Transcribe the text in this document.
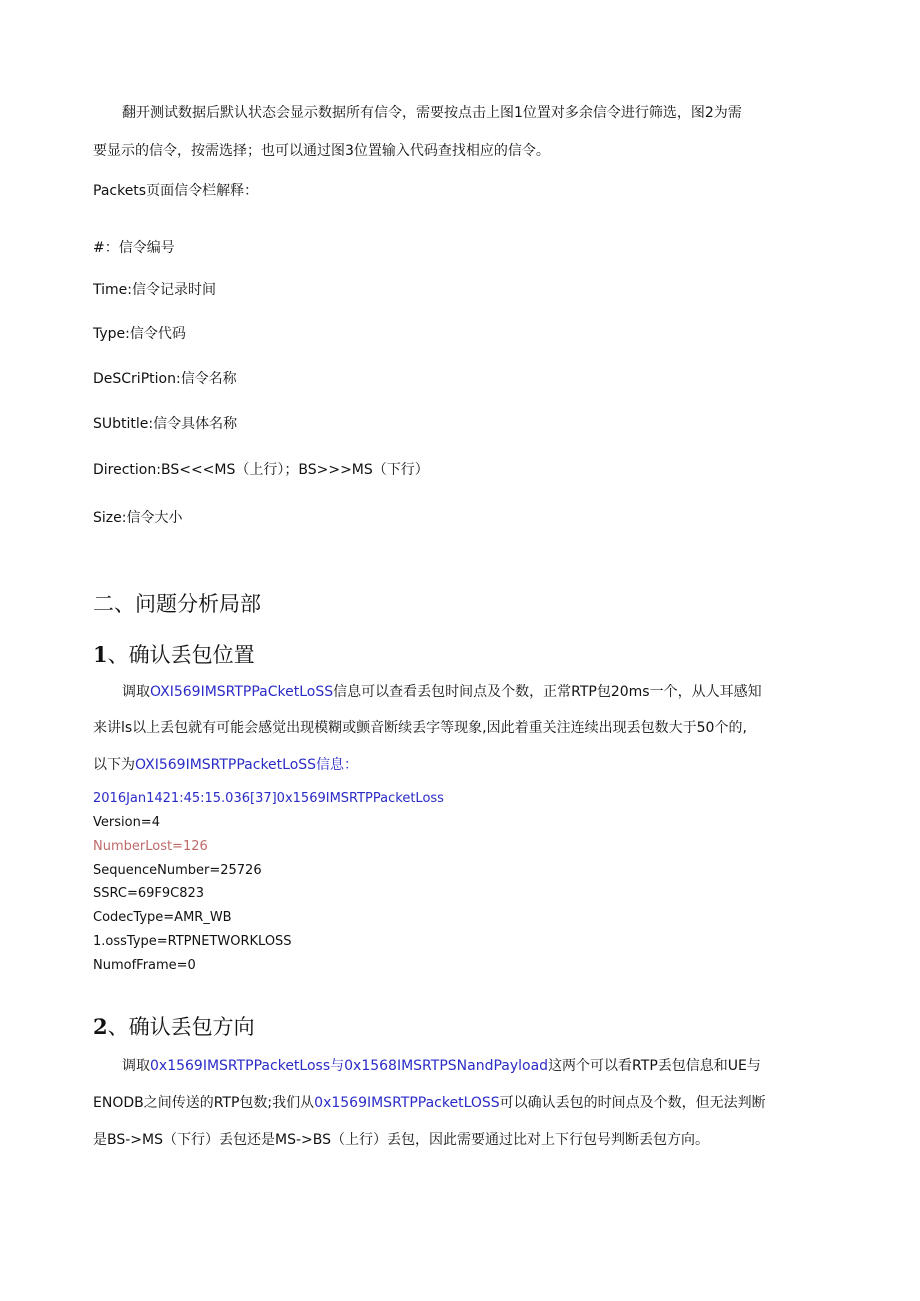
翻开测试数据后默认状态会显示数据所有信令，需要按点击上图1位置对多余信令进行筛选，图2为需
要显示的信令，按需选择；也可以通过图3位置输入代码查找相应的信令。
Packets页面信令栏解释：
#：信令编号
Time:信令记录时间
Type:信令代码
DeSCriPtion:信令名称
SUbtitle:信令具体名称
Direction:BS<<<MS（上行）；BS>>>MS（下行）
Size:信令大小
二、问题分析局部
1、确认丢包位置
调取OXI569IMSRTPPaCketLoSS信息可以查看丢包时间点及个数，正常RTP包20ms一个，从人耳感知
来讲ls以上丢包就有可能会感觉出现模糊或颤音断续丢字等现象,因此着重关注连续出现丢包数大于50个的,
以下为OXI569IMSRTPPacketLoSS信息：
2016Jan1421:45:15.036[37]0x1569IMSRTPPacketLoss
Version=4
NumberLost=126
SequenceNumber=25726
SSRC=69F9C823
CodecType=AMR_WB
1.ossType=RTPNETWORKLOSS
NumofFrame=0
2、确认丢包方向
调取0x1569IMSRTPPacketLoss与0x1568IMSRTPSNandPayload这两个可以看RTP丢包信息和UE与
ENODB之间传送的RTP包数;我们从0x1569IMSRTPPacketLOSS可以确认丢包的时间点及个数，但无法判断
是BS->MS（下行）丢包还是MS->BS（上行）丢包，因此需要通过比对上下行包号判断丢包方向。
